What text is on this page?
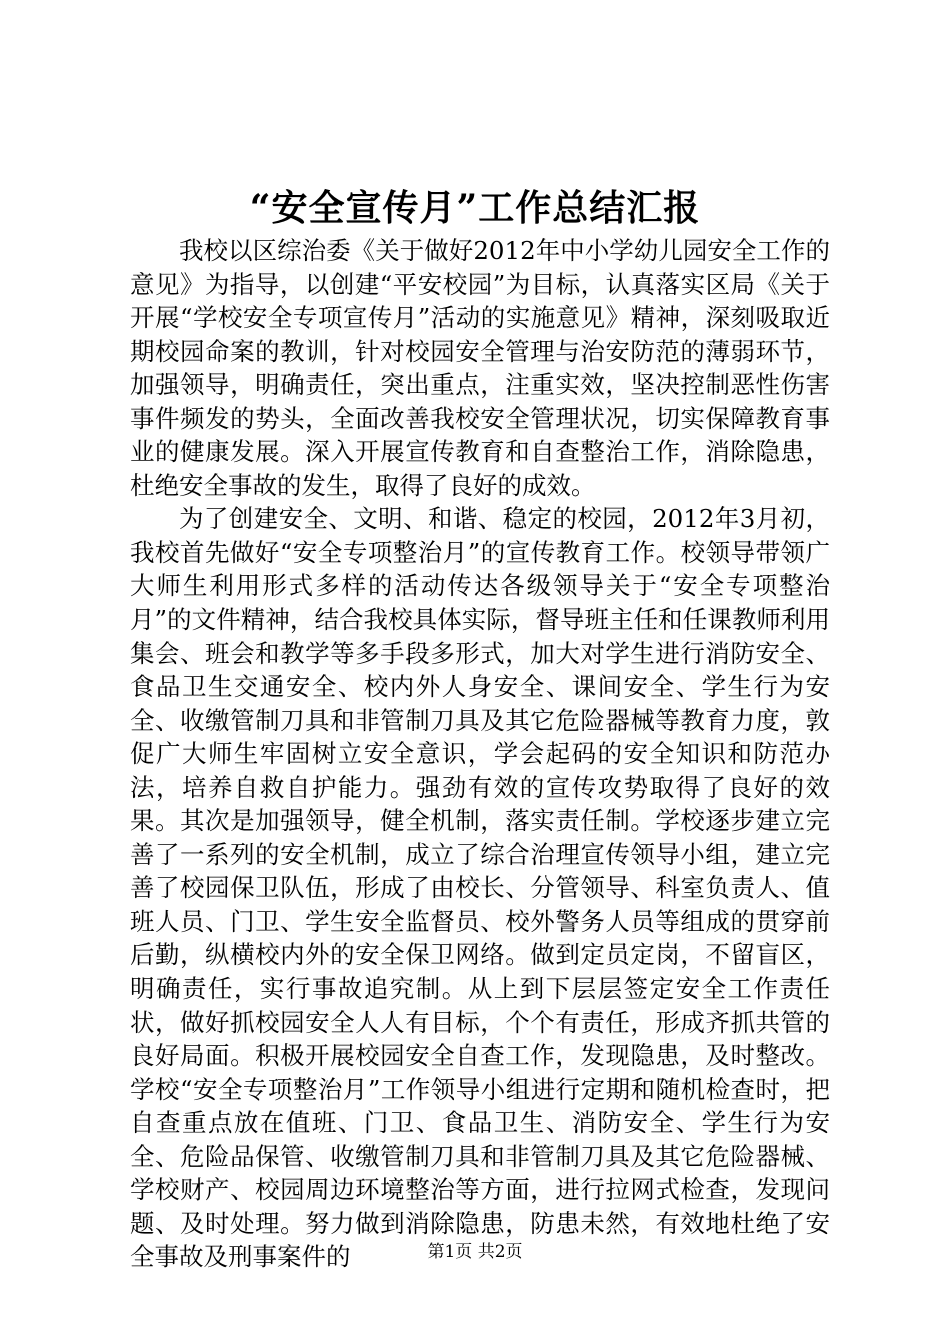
“安全宣传月”工作总结汇报

我校以区综治委《关于做好2012年中小学幼儿园安全工作的意见》为指导，以创建“平安校园”为目标，认真落实区局《关于开展“学校安全专项宣传月”活动的实施意见》精神，深刻吸取近期校园命案的教训，针对校园安全管理与治安防范的薄弱环节，加强领导，明确责任，突出重点，注重实效，坚决控制恶性伤害事件频发的势头，全面改善我校安全管理状况，切实保障教育事业的健康发展。深入开展宣传教育和自查整治工作，消除隐患，杜绝安全事故的发生，取得了良好的成效。

为了创建安全、文明、和谐、稳定的校园，2012年3月初，我校首先做好“安全专项整治月”的宣传教育工作。校领导带领广大师生利用形式多样的活动传达各级领导关于“安全专项整治月”的文件精神，结合我校具体实际，督导班主任和任课教师利用集会、班会和教学等多手段多形式，加大对学生进行消防安全、食品卫生交通安全、校内外人身安全、课间安全、学生行为安全、收缴管制刀具和非管制刀具及其它危险器械等教育力度，敦促广大师生牢固树立安全意识，学会起码的安全知识和防范办法，培养自救自护能力。强劲有效的宣传攻势取得了良好的效果。其次是加强领导，健全机制，落实责任制。学校逐步建立完善了一系列的安全机制，成立了综合治理宣传领导小组，建立完善了校园保卫队伍，形成了由校长、分管领导、科室负责人、值班人员、门卫、学生安全监督员、校外警务人员等组成的贯穿前后勤，纵横校内外的安全保卫网络。做到定员定岗，不留盲区，明确责任，实行事故追究制。从上到下层层签定安全工作责任状，做好抓校园安全人人有目标，个个有责任，形成齐抓共管的良好局面。积极开展校园安全自查工作，发现隐患，及时整改。学校“安全专项整治月”工作领导小组进行定期和随机检查时，把自查重点放在值班、门卫、食品卫生、消防安全、学生行为安全、危险品保管、收缴管制刀具和非管制刀具及其它危险器械、学校财产、校园周边环境整治等方面，进行拉网式检查，发现问题、及时处理。努力做到消除隐患，防患未然，有效地杜绝了安全事故及刑事案件的	第1页 共2页
